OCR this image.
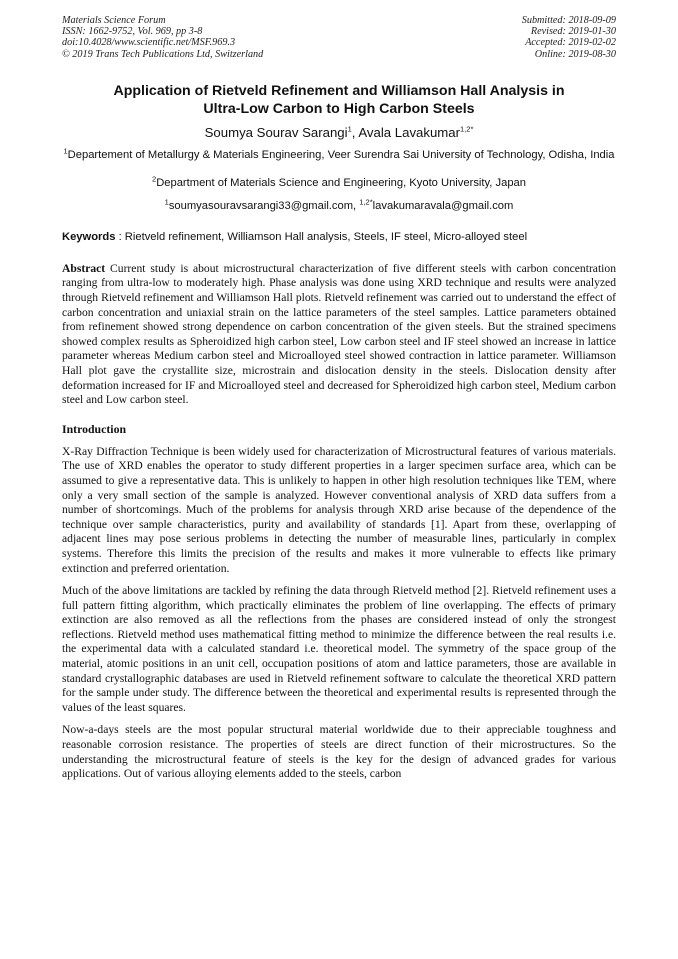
Materials Science Forum
ISSN: 1662-9752, Vol. 969, pp 3-8
doi:10.4028/www.scientific.net/MSF.969.3
© 2019 Trans Tech Publications Ltd, Switzerland
Submitted: 2018-09-09
Revised: 2019-01-30
Accepted: 2019-02-02
Online: 2019-08-30
Application of Rietveld Refinement and Williamson Hall Analysis in
Ultra-Low Carbon to High Carbon Steels
Soumya Sourav Sarangi$^1$, Avala Lavakumar$^{1,2*}$
$^1$Departement of Metallurgy & Materials Engineering, Veer Surendra Sai University of Technology, Odisha, India
$^2$Department of Materials Science and Engineering, Kyoto University, Japan
$^1$soumyasouravsarangi33@gmail.com, $^{1,2*}$lavakumaravala@gmail.com
Keywords : Rietveld refinement, Williamson Hall analysis, Steels, IF steel, Micro-alloyed steel

Abstract Current study is about microstructural characterization of five different steels with carbon concentration ranging from ultra-low to moderately high. Phase analysis was done using XRD technique and results were analyzed through Rietveld refinement and Williamson Hall plots. Rietveld refinement was carried out to understand the effect of carbon concentration and uniaxial strain on the lattice parameters of the steel samples. Lattice parameters obtained from refinement showed strong dependence on carbon concentration of the given steels. But the strained specimens showed complex results as Spheroidized high carbon steel, Low carbon steel and IF steel showed an increase in lattice parameter whereas Medium carbon steel and Microalloyed steel showed contraction in lattice parameter. Williamson Hall plot gave the crystallite size, microstrain and dislocation density in the steels. Dislocation density after deformation increased for IF and Microalloyed steel and decreased for Spheroidized high carbon steel, Medium carbon steel and Low carbon steel.

Introduction

X-Ray Diffraction Technique is been widely used for characterization of Microstructural features of various materials. The use of XRD enables the operator to study different properties in a larger specimen surface area, which can be assumed to give a representative data. This is unlikely to happen in other high resolution techniques like TEM, where only a very small section of the sample is analyzed. However conventional analysis of XRD data suffers from a number of shortcomings. Much of the problems for analysis through XRD arise because of the dependence of the technique over sample characteristics, purity and availability of standards [1]. Apart from these, overlapping of adjacent lines may pose serious problems in detecting the number of measurable lines, particularly in complex systems. Therefore this limits the precision of the results and makes it more vulnerable to effects like primary extinction and preferred orientation.

Much of the above limitations are tackled by refining the data through Rietveld method [2]. Rietveld refinement uses a full pattern fitting algorithm, which practically eliminates the problem of line overlapping. The effects of primary extinction are also removed as all the reflections from the phases are considered instead of only the strongest reflections. Rietveld method uses mathematical fitting method to minimize the difference between the real results i.e. the experimental data with a calculated standard i.e. theoretical model. The symmetry of the space group of the material, atomic positions in an unit cell, occupation positions of atom and lattice parameters, those are available in standard crystallographic databases are used in Rietveld refinement software to calculate the theoretical XRD pattern for the sample under study. The difference between the theoretical and experimental results is represented through the values of the least squares.

Now-a-days steels are the most popular structural material worldwide due to their appreciable toughness and reasonable corrosion resistance. The properties of steels are direct function of their microstructures. So the understanding the microstructural feature of steels is the key for the design of advanced grades for various applications. Out of various alloying elements added to the steels, carbon
